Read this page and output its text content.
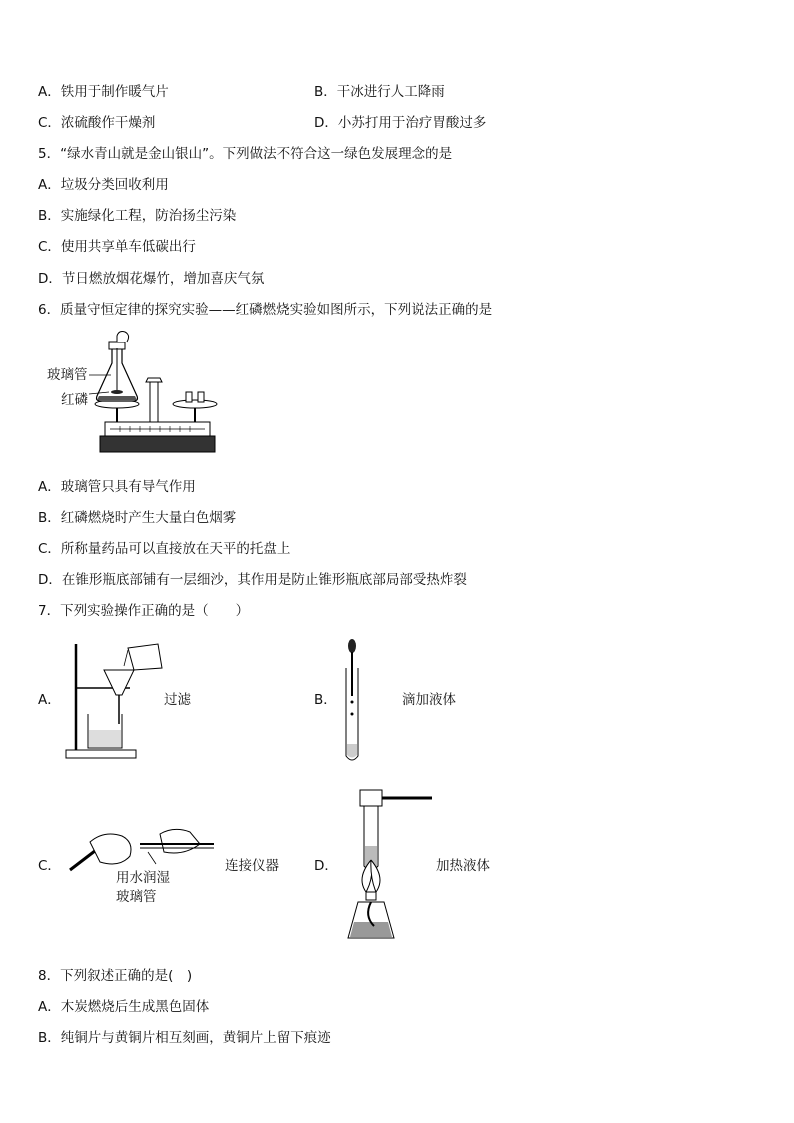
A．铁用于制作暖气片	B．干冰进行人工降雨
C．浓硫酸作干燥剂	D．小苏打用于治疗胃酸过多
5．“绿水青山就是金山银山”。下列做法不符合这一绿色发展理念的是
A．垃圾分类回收利用
B．实施绿化工程，防治扬尘污染
C．使用共享单车低碳出行
D．节日燃放烟花爆竹，增加喜庆气氛
6．质量守恒定律的探究实验——红磷燃烧实验如图所示，下列说法正确的是
玻璃管
红磷
A．玻璃管只具有导气作用
B．红磷燃烧时产生大量白色烟雾
C．所称量药品可以直接放在天平的托盘上
D．在锥形瓶底部铺有一层细沙，其作用是防止锥形瓶底部局部受热炸裂
7．下列实验操作正确的是（　　）
A．	过滤	B．	滴加液体
C．
用水润湿
玻璃管
连接仪器	D．	加热液体
8．下列叙述正确的是(　)
A．木炭燃烧后生成黑色固体
B．纯铜片与黄铜片相互刻画，黄铜片上留下痕迹
